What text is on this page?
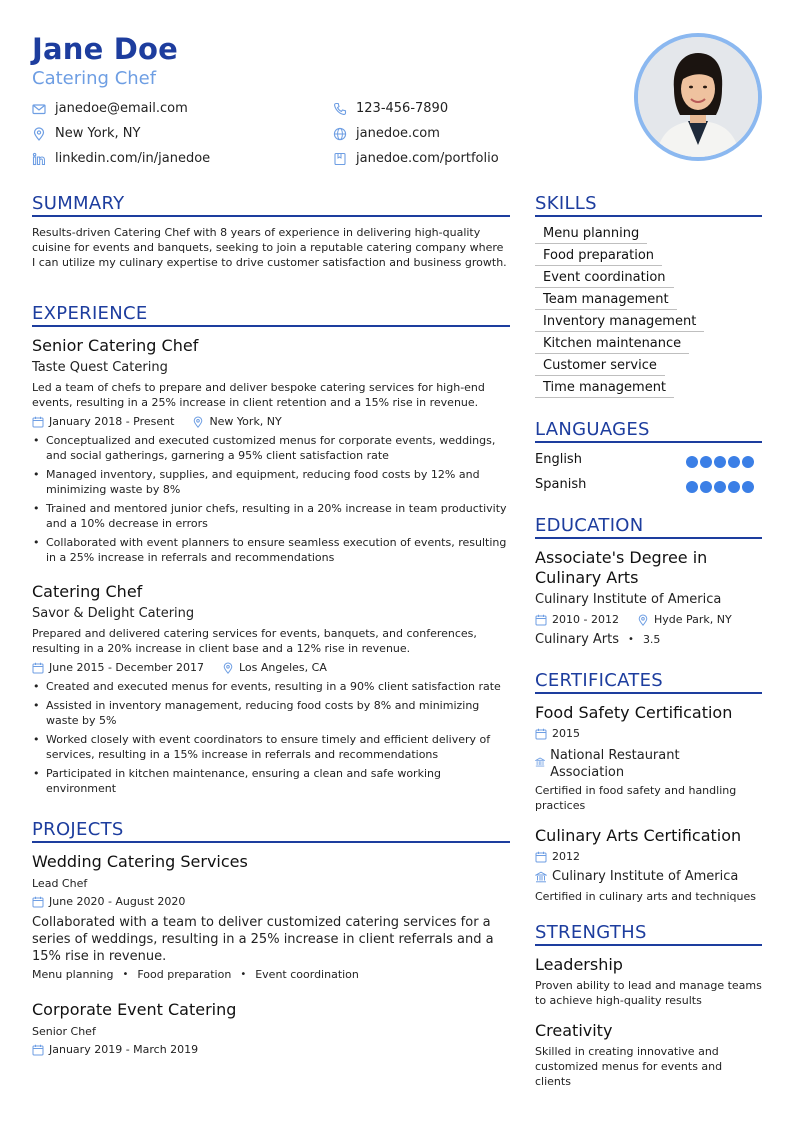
Jane Doe
Catering Chef
janedoe@email.com	123-456-7890
New York, NY	janedoe.com
linkedin.com/in/janedoe	janedoe.com/portfolio
SUMMARY
Results-driven Catering Chef with 8 years of experience in delivering high-quality cuisine for events and banquets, seeking to join a reputable catering company where I can utilize my culinary expertise to drive customer satisfaction and business growth.
EXPERIENCE
Senior Catering Chef
Taste Quest Catering
Led a team of chefs to prepare and deliver bespoke catering services for high-end events, resulting in a 25% increase in client retention and a 15% rise in revenue.
January 2018 - Present	New York, NY
• Conceptualized and executed customized menus for corporate events, weddings, and social gatherings, garnering a 95% client satisfaction rate
• Managed inventory, supplies, and equipment, reducing food costs by 12% and minimizing waste by 8%
• Trained and mentored junior chefs, resulting in a 20% increase in team productivity and a 10% decrease in errors
• Collaborated with event planners to ensure seamless execution of events, resulting in a 25% increase in referrals and recommendations
Catering Chef
Savor & Delight Catering
Prepared and delivered catering services for events, banquets, and conferences, resulting in a 20% increase in client base and a 12% rise in revenue.
June 2015 - December 2017	Los Angeles, CA
• Created and executed menus for events, resulting in a 90% client satisfaction rate
• Assisted in inventory management, reducing food costs by 8% and minimizing waste by 5%
• Worked closely with event coordinators to ensure timely and efficient delivery of services, resulting in a 15% increase in referrals and recommendations
• Participated in kitchen maintenance, ensuring a clean and safe working environment
PROJECTS
Wedding Catering Services
Lead Chef
June 2020 - August 2020
Collaborated with a team to deliver customized catering services for a series of weddings, resulting in a 25% increase in client referrals and a 15% rise in revenue.
Menu planning • Food preparation • Event coordination
Corporate Event Catering
Senior Chef
January 2019 - March 2019
SKILLS
Menu planning
Food preparation
Event coordination
Team management
Inventory management
Kitchen maintenance
Customer service
Time management
LANGUAGES
English
Spanish
EDUCATION
Associate's Degree in Culinary Arts
Culinary Institute of America
2010 - 2012	Hyde Park, NY
Culinary Arts • 3.5
CERTIFICATES
Food Safety Certification
2015
National Restaurant Association
Certified in food safety and handling practices
Culinary Arts Certification
2012
Culinary Institute of America
Certified in culinary arts and techniques
STRENGTHS
Leadership
Proven ability to lead and manage teams to achieve high-quality results
Creativity
Skilled in creating innovative and customized menus for events and clients
